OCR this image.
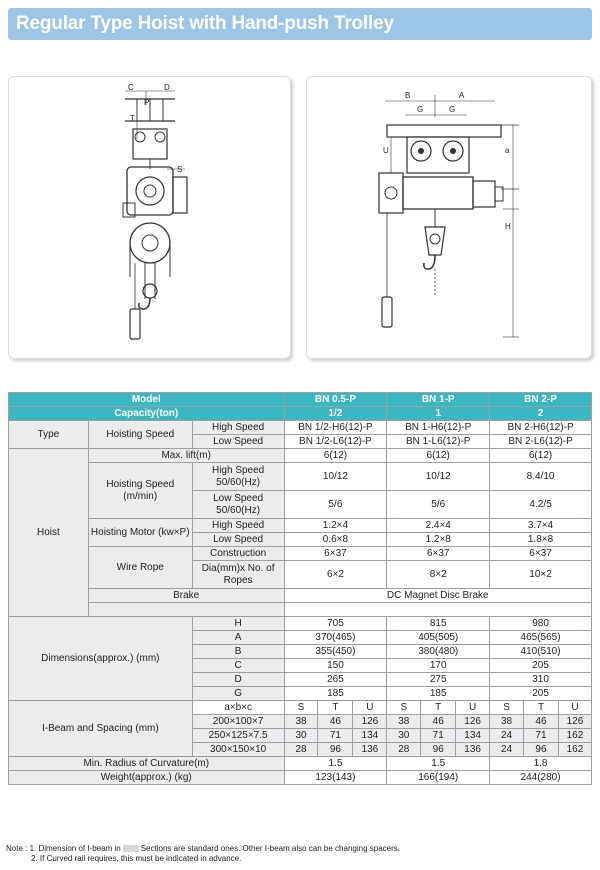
Regular Type Hoist with Hand-push Trolley
C	D
P
T
S
B	A
G	G
a
U
H
Model			BN 0.5-P			BN 1-P			BN 2-P		
Capacity(ton)			1/2			1			2		
Type	Hoisting Speed	High Speed	BN 1/2-H6(12)-P			BN 1-H6(12)-P			BN 2-H6(12)-P		
		Low Speed	BN 1/2-L6(12)-P			BN 1-L6(12)-P			BN 2-L6(12)-P		
Hoist	Max. lift(m)		6(12)			6(12)			6(12)		
	Hoisting Speed (m/min)	High Speed 50/60(Hz)	10/12			10/12			8.4/10		
		Low Speed 50/60(Hz)	5/6			5/6			4.2/5		
	Hoisting Motor (kw×P)	High Speed	1.2×4			2.4×4			3.7×4		
		Low Speed	0.6×8			1.2×8			1.8×8		
	Wire Rope	Construction	6×37			6×37			6×37		
		Dia(mm)x No. of Ropes	6×2			8×2			10×2		
	Brake		DC Magnet Disc Brake								

Dimensions(approx.) (mm)		H	705			815			980		
		A	370(465)			405(505)			465(565)		
		B	355(450)			380(480)			410(510)		
		C	150			170			205		
		D	265			275			310		
		G	185			185			205		
I-Beam and Spacing (mm)		a×b×c	S	T	U	S	T	U	S	T	U
		200×100×7	38	46	126	38	46	126	38	46	126
		250×125×7.5	30	71	134	30	71	134	24	71	162
		300×150×10	28	96	136	28	96	136	24	96	162
Min. Radius of Curvature(m)			1.5			1.5			1.8		
Weight(approx.) (kg)			123(143)			166(194)			244(280)		
Note : 1. Dimension of I-beam in	Sections are standard ones. Other I-beam also can be changing spacers.
2. If Curved rail requires, this must be indicated in advance.
